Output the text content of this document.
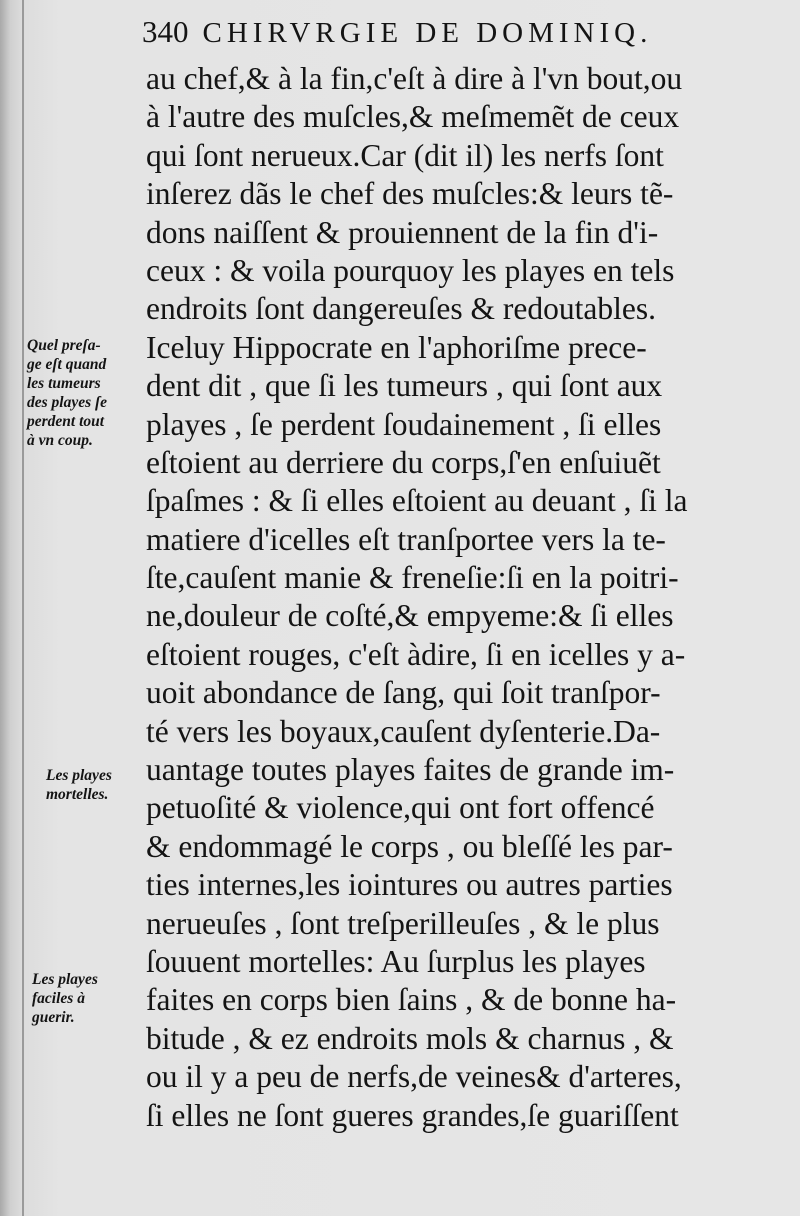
340 CHIRVRGIE DE DOMINIQ.
au chef,& à la fin,c'eſt à dire à l'vn bout,ou
à l'autre des muſcles,& meſmemẽt de ceux
qui ſont nerueux.Car (dit il) les nerfs ſont
inſerez dãs le chef des muſcles:& leurs tẽ-
dons naiſſent & prouiennent de la fin d'i-
ceux : & voila pourquoy les playes en tels
endroits ſont dangereuſes & redoutables.
Iceluy Hippocrate en l'aphoriſme prece-
dent dit , que ſi les tumeurs , qui ſont aux
playes , ſe perdent ſoudainement , ſi elles
eſtoient au derriere du corps,ſ'en enſuiuẽt
ſpaſmes : & ſi elles eſtoient au deuant , ſi la
matiere d'icelles eſt tranſportee vers la te-
ſte,cauſent manie & freneſie:ſi en la poitri-
ne,douleur de coſté,& empyeme:& ſi elles
eſtoient rouges, c'eſt àdire, ſi en icelles y a-
uoit abondance de ſang, qui ſoit tranſpor-
té vers les boyaux,cauſent dyſenterie.Da-
uantage toutes playes faites de grande im-
petuoſité & violence,qui ont fort offencé
& endommagé le corps , ou bleſſé les par-
ties internes,les iointures ou autres parties
nerueuſes , ſont treſperilleuſes , & le plus
ſouuent mortelles: Au ſurplus les playes
faites en corps bien ſains , & de bonne ha-
bitude , & ez endroits mols & charnus , &
ou il y a peu de nerfs,de veines& d'arteres,
ſi elles ne ſont gueres grandes,ſe guariſſent
Quel preſa-
ge eſt quand
les tumeurs
des playes ſe
perdent tout
à vn coup.
Les playes
mortelles.
Les playes
faciles à
guerir.
